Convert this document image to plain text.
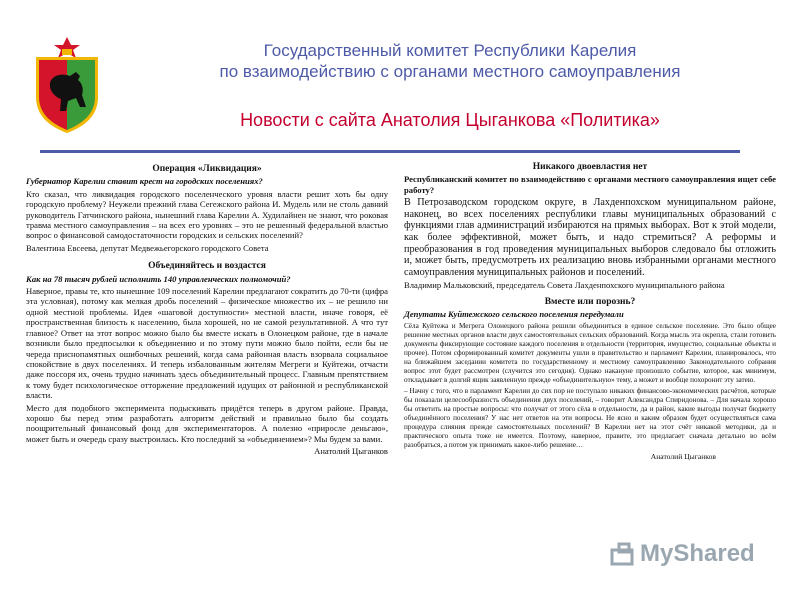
Государственный комитет Республики Карелия
по взаимодействию с органами местного самоуправления
Новости с сайта Анатолия Цыганкова «Политика»
Операция «Ликвидация»

Губернатор Карелии ставит крест на городских поселениях?

Кто сказал, что ликвидация городского поселенческого уровня власти решит хоть бы одну городскую проблему? Неужели прежний глава Сегежского района И. Мудель или не столь давний руководитель Гатчинского района, нынешний глава Карелии А. Худилайнен не знают, что роковая травма местного самоуправления – на всех его уровнях – это не решенный федеральной властью вопрос о финансовой самодостаточности городских и сельских поселений?

Валентина Евсеева, депутат Медвежьегорского городского Совета

Объединяйтесь и воздастся

Как на 78 тысяч рублей исполнить 140 управленческих полномочий?

Наверное, правы те, кто нынешние 109 поселений Карелии предлагают сократить до 70-ти (цифра эта условная), потому как мелкая дробь поселений – физическое множество их – не решило ни одной местной проблемы. Идея «шаговой доступности» местной власти, иначе говоря, её пространственная близость к населению, была хорошей, но не самой результативной. А что тут главное? Ответ на этот вопрос можно было бы вместе искать в Олонецком районе, где в начале возникли было предпосылки к объединению и по этому пути можно было пойти, если бы не череда приснопамятных ошибочных решений, когда сама районная власть взорвала социальное спокойствие в двух поселениях. И теперь избалованным жителям Мегреги и Куйтежи, отчасти даже поссоря их, очень трудно начинать здесь объединительный процесс. Главным препятствием к тому будет психологическое отторжение предложений идущих от районной и республиканской власти.

Место для подобного эксперимента подыскивать придётся теперь в другом районе. Правда, хорошо бы перед этим разработать алгоритм действий и правильно было бы создать поощрительный финансовый фонд для экспериментаторов. А полезно «приросле деньгаю», может быть и очередь сразу выстроилась. Кто последний за «объединением»? Мы будем за вами.

Анатолий Цыганков

Никакого двоевластия нет

Республиканский комитет по взаимодействию с органами местного самоуправления ищет себе работу?

В Петрозаводском городском округе, в Лахденпохском муниципальном районе, наконец, во всех поселениях республики главы муниципальных образований с функциями глав администраций избираются на прямых выборах. Вот к этой модели, как более эффективной, может быть, и надо стремиться? А реформы и преобразования в год проведения муниципальных выборов следовало бы отложить и, может быть, предусмотреть их реализацию вновь избранными органами местного самоуправления муниципальных районов и поселений.

Владимир Мальковский, председатель Совета Лахденпохского муниципального района

Вместе или порознь?

Депутаты Куйтежского сельского поселения передумали

Сёла Куйтежа и Мегрега Олонецкого района решили объединиться в единое сельское поселение. Это было общее решение местных органов власти двух самостоятельных сельских образований. Когда мысль эта окрепла, стали готовить документы фиксирующие состояние каждого поселения в отдельности (территория, имущество, социальные объекты и прочее). Потом сформированный комитет документы ушли в правительство и парламент Карелии, планировалось, что на ближайшем заседании комитета по государственному и местному самоуправлению Законодательного собрания вопрос этот будет рассмотрен (случится это сегодня). Однако накануне произошло событие, которое, как минимум, откладывает в долгий ящик заявленную прежде «объединительную» тему, а может и вообще похоронит эту затею.

– Начну с того, что в парламент Карелии до сих пор не поступало никаких финансово-экономических расчётов, которые бы показали целесообразность объединения двух поселений, – говорит Александра Спиридонова. – Для начала хорошо бы ответить на простые вопросы: что получат от этого сёла в отдельности, да и район, какие выгоды получат бюджету объединённого поселения? У нас нет ответов на эти вопросы. Не ясно и каким образом будет осуществляться сама процедура слияния прежде самостоятельных поселений? В Карелии нет на этот счёт никакой методики, да и практического опыта тоже не имеется. Поэтому, наверное, правите, это предлагает сначала детально во всём разобраться, а потом уж принимать какое-либо решение…

Анатолий Цыганков

MyShared
